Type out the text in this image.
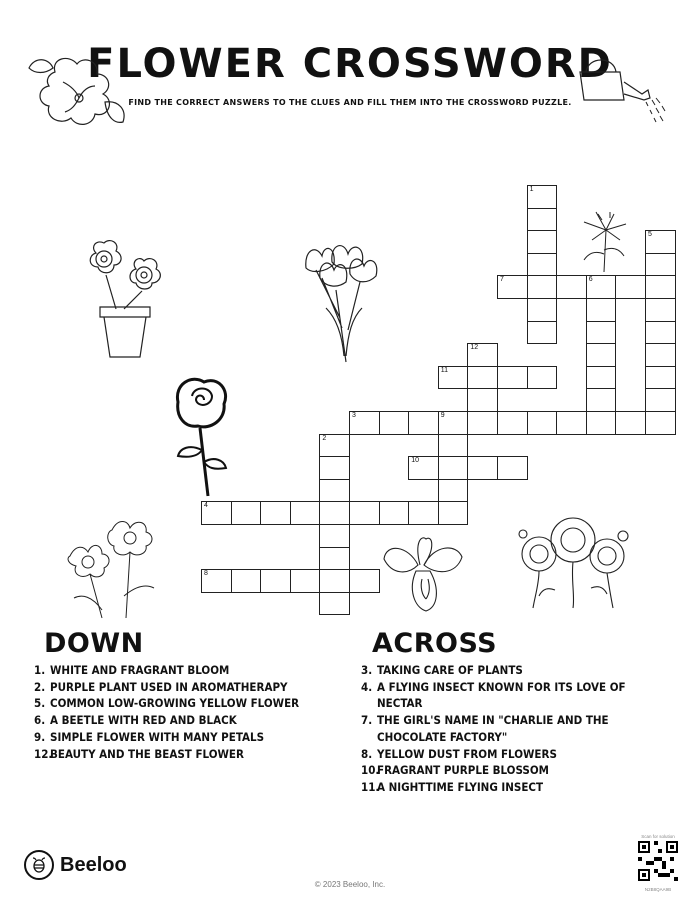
FLOWER CROSSWORD
FIND THE CORRECT ANSWERS TO THE CLUES AND FILL THEM INTO THE CROSSWORD PUZZLE.
1
2
3	9
4
5
6
7
8
10
11
12
DOWN
1. WHITE AND FRAGRANT BLOOM
2. PURPLE PLANT USED IN AROMATHERAPY
5. COMMON LOW-GROWING YELLOW FLOWER
6. A BEETLE WITH RED AND BLACK
9. SIMPLE FLOWER WITH MANY PETALS
12.
BEAUTY AND THE BEAST FLOWER
ACROSS
3. TAKING CARE OF PLANTS
4. A FLYING INSECT KNOWN FOR ITS LOVE OF NECTAR
7. THE GIRL'S NAME IN "CHARLIE AND THE CHOCOLATE FACTORY"
8. YELLOW DUST FROM FLOWERS
10.
FRAGRANT PURPLE BLOSSOM
11.
A NIGHTTIME FLYING INSECT
Beeloo
© 2023 Beeloo, Inc.
Scan for solution
N2B8QAA9B
